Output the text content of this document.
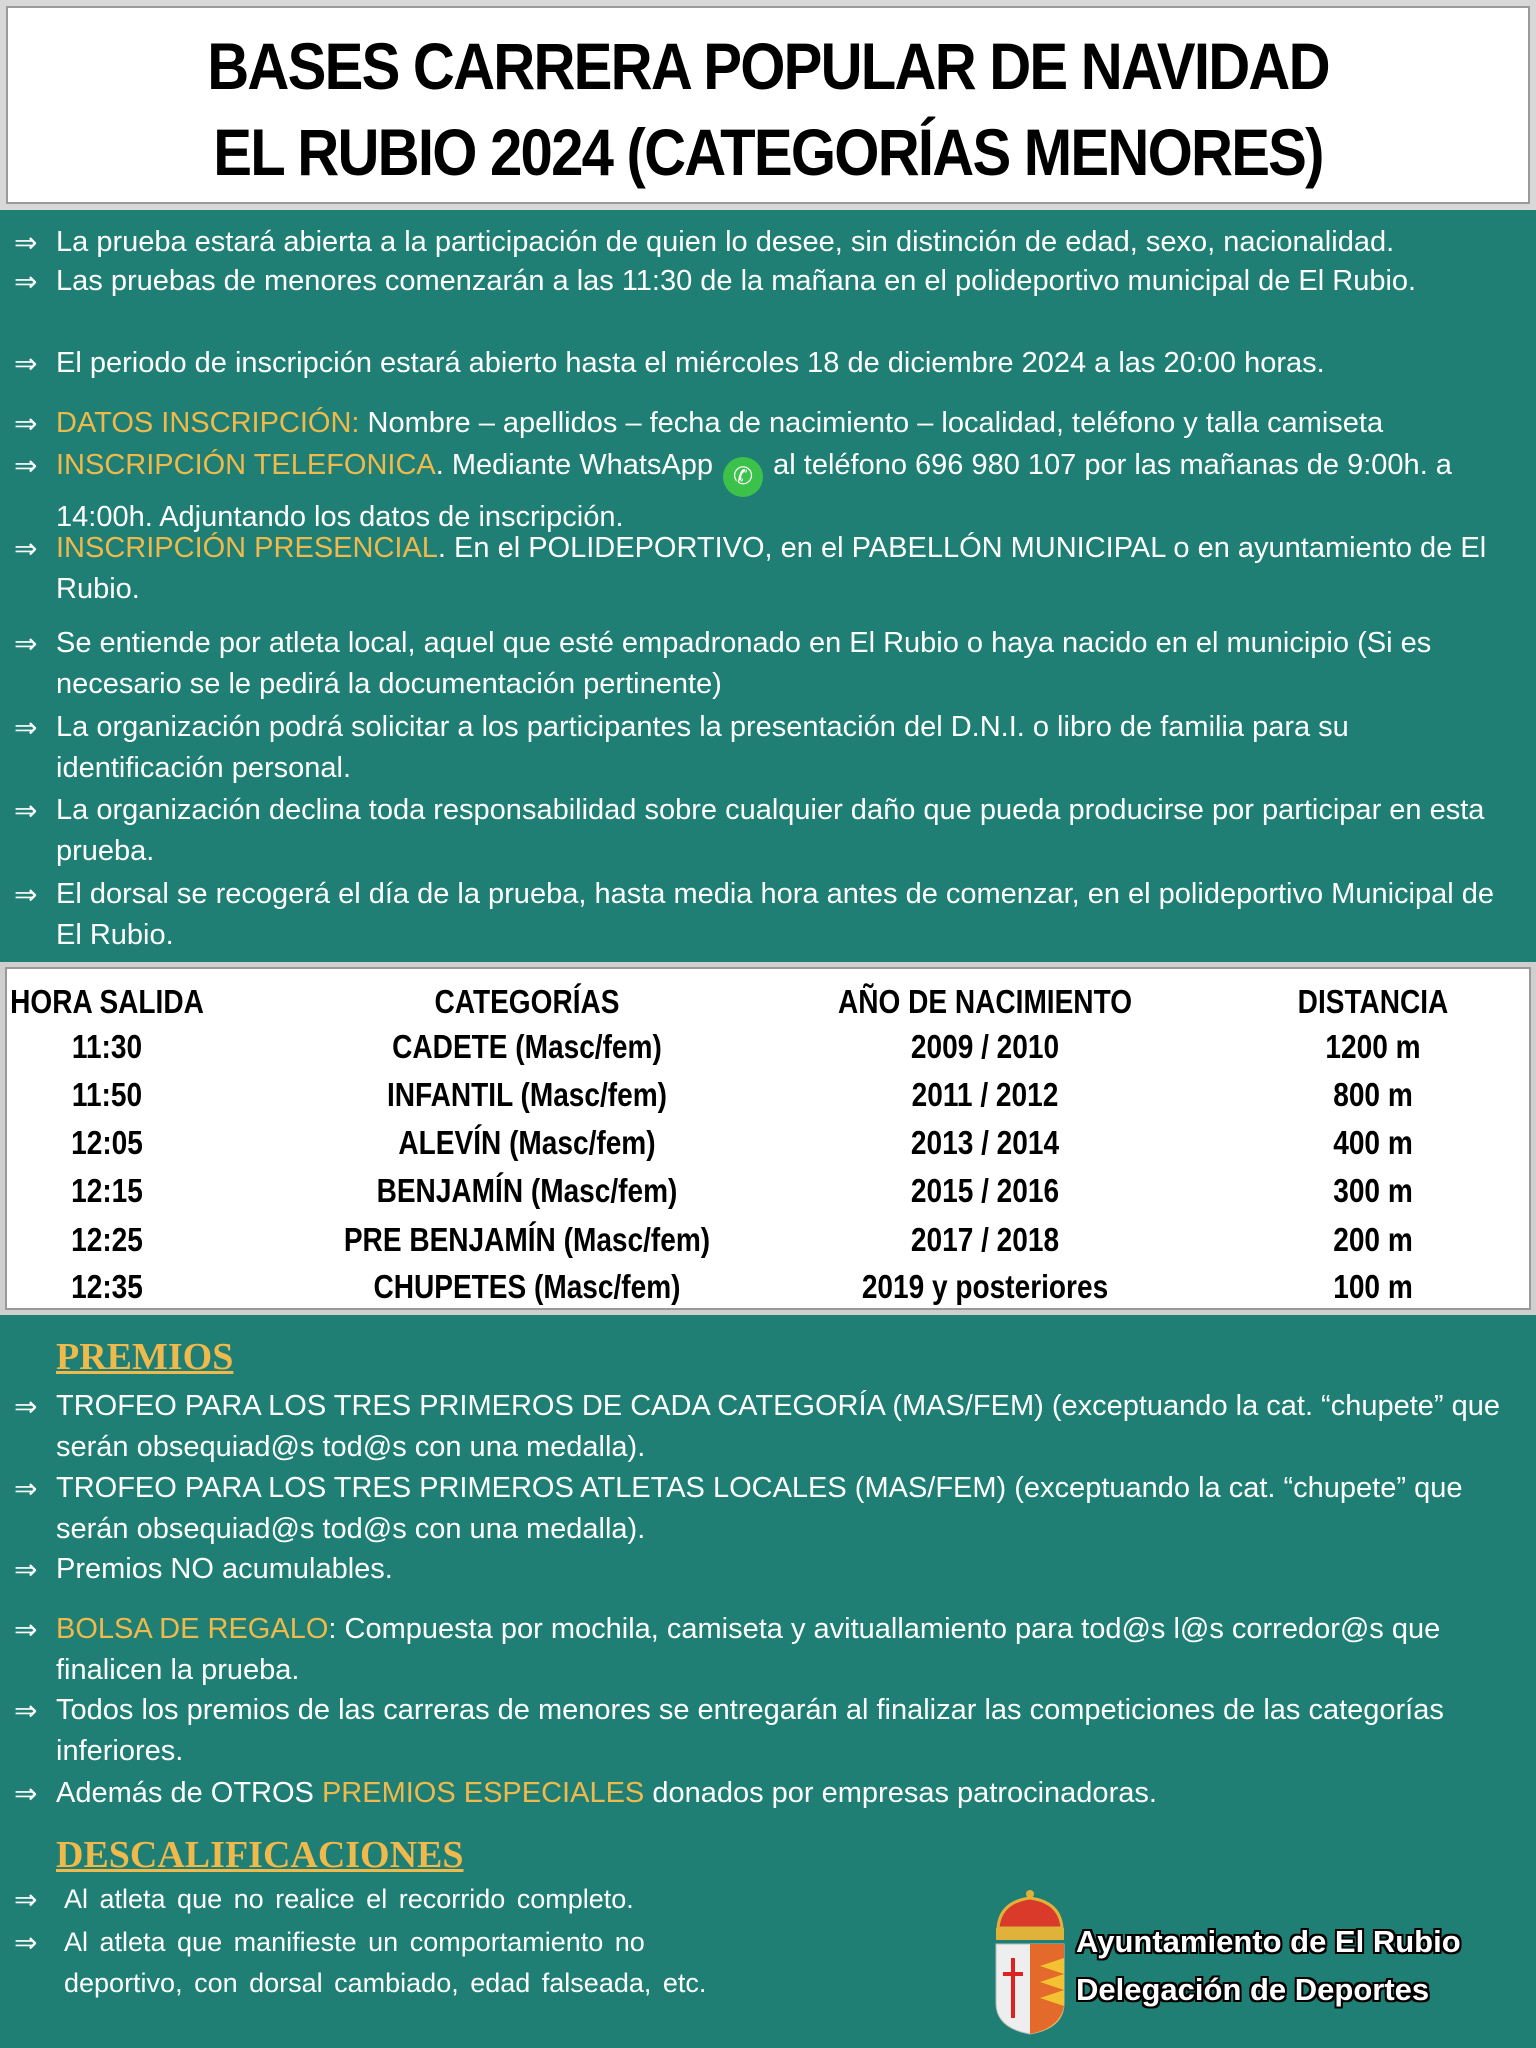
BASES CARRERA POPULAR DE NAVIDAD
EL RUBIO 2024 (CATEGORÍAS MENORES)
⇒ La prueba estará abierta a la participación de quien lo desee, sin distinción de edad, sexo, nacionalidad.
⇒ Las pruebas de menores comenzarán a las 11:30 de la mañana en el polideportivo municipal de El Rubio.
⇒ El periodo de inscripción estará abierto hasta el miércoles 18 de diciembre 2024 a las 20:00 horas.
⇒ DATOS INSCRIPCIÓN: Nombre – apellidos – fecha de nacimiento – localidad, teléfono y talla camiseta
⇒ INSCRIPCIÓN TELEFONICA. Mediante WhatsApp ✆ al teléfono 696 980 107 por las mañanas de 9:00h. a 14:00h. Adjuntando los datos de inscripción.
⇒ INSCRIPCIÓN PRESENCIAL. En el POLIDEPORTIVO, en el PABELLÓN MUNICIPAL o en ayuntamiento de El Rubio.
⇒ Se entiende por atleta local, aquel que esté empadronado en El Rubio o haya nacido en el municipio (Si es necesario se le pedirá la documentación pertinente)
⇒ La organización podrá solicitar a los participantes la presentación del D.N.I. o libro de familia para su identificación personal.
⇒ La organización declina toda responsabilidad sobre cualquier daño que pueda producirse por participar en esta prueba.
⇒ El dorsal se recogerá el día de la prueba, hasta media hora antes de comenzar, en el polideportivo Municipal de El Rubio.
HORA SALIDA	CATEGORÍAS	AÑO DE NACIMIENTO	DISTANCIA
11:30	CADETE (Masc/fem)	2009 / 2010	1200 m
11:50	INFANTIL (Masc/fem)	2011 / 2012	800 m
12:05	ALEVÍN (Masc/fem)	2013 / 2014	400 m
12:15	BENJAMÍN (Masc/fem)	2015 / 2016	300 m
12:25	PRE BENJAMÍN (Masc/fem)	2017 / 2018	200 m
12:35	CHUPETES (Masc/fem)	2019 y posteriores	100 m
PREMIOS
DESCALIFICACIONES
⇒ TROFEO PARA LOS TRES PRIMEROS DE CADA CATEGORÍA (MAS/FEM) (exceptuando la cat. “chupete” que serán obsequiad@s tod@s con una medalla).
⇒ TROFEO PARA LOS TRES PRIMEROS ATLETAS LOCALES (MAS/FEM) (exceptuando la cat. “chupete” que serán obsequiad@s tod@s con una medalla).
⇒ Premios NO acumulables.
⇒ BOLSA DE REGALO: Compuesta por mochila, camiseta y avituallamiento para tod@s l@s corredor@s que finalicen la prueba.
⇒ Todos los premios de las carreras de menores se entregarán al finalizar las competiciones de las categorías inferiores.
⇒ Además de OTROS PREMIOS ESPECIALES donados por empresas patrocinadoras.
⇒ Al atleta que no realice el recorrido completo.
⇒ Al atleta que manifieste un comportamiento no deportivo, con dorsal cambiado, edad falseada, etc.
Ayuntamiento de El Rubio
Delegación de Deportes
